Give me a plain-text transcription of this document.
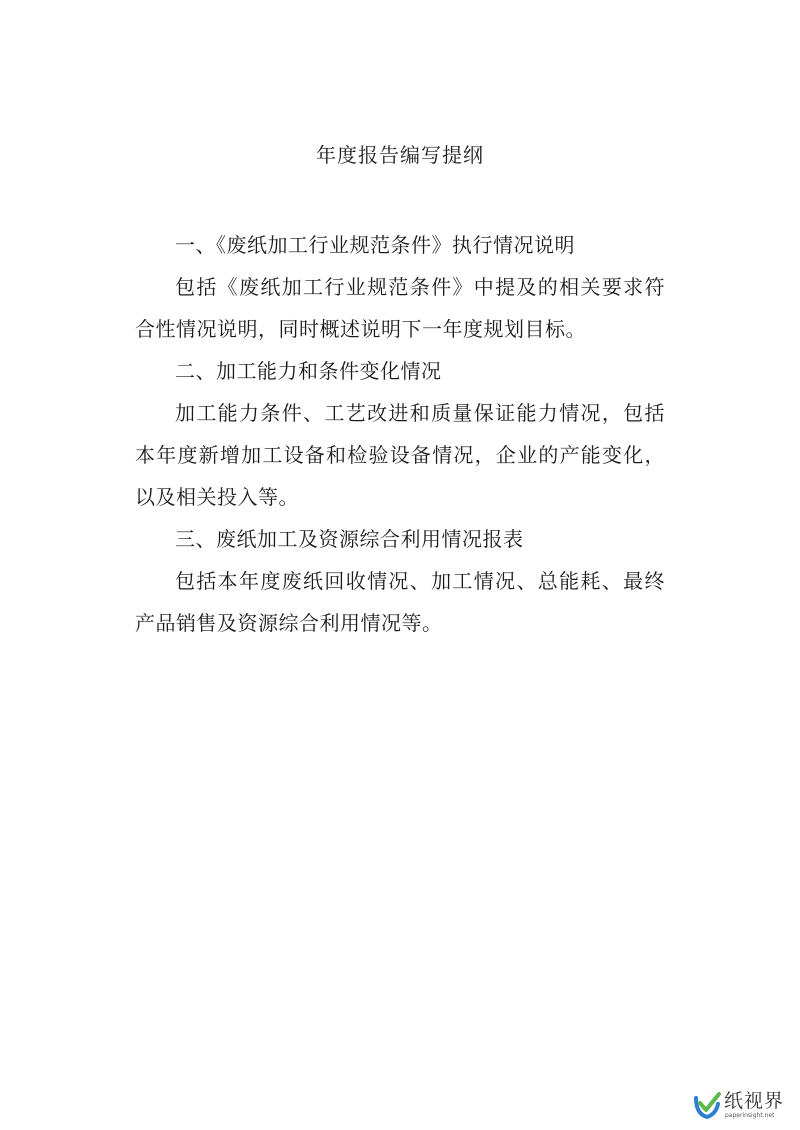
年度报告编写提纲

一、《废纸加工行业规范条件》执行情况说明

包括《废纸加工行业规范条件》中提及的相关要求符合性情况说明，同时概述说明下一年度规划目标。

二、加工能力和条件变化情况

加工能力条件、工艺改进和质量保证能力情况，包括本年度新增加工设备和检验设备情况，企业的产能变化，以及相关投入等。

三、废纸加工及资源综合利用情况报表

包括本年度废纸回收情况、加工情况、总能耗、最终产品销售及资源综合利用情况等。

纸视界
paperinsight.net
